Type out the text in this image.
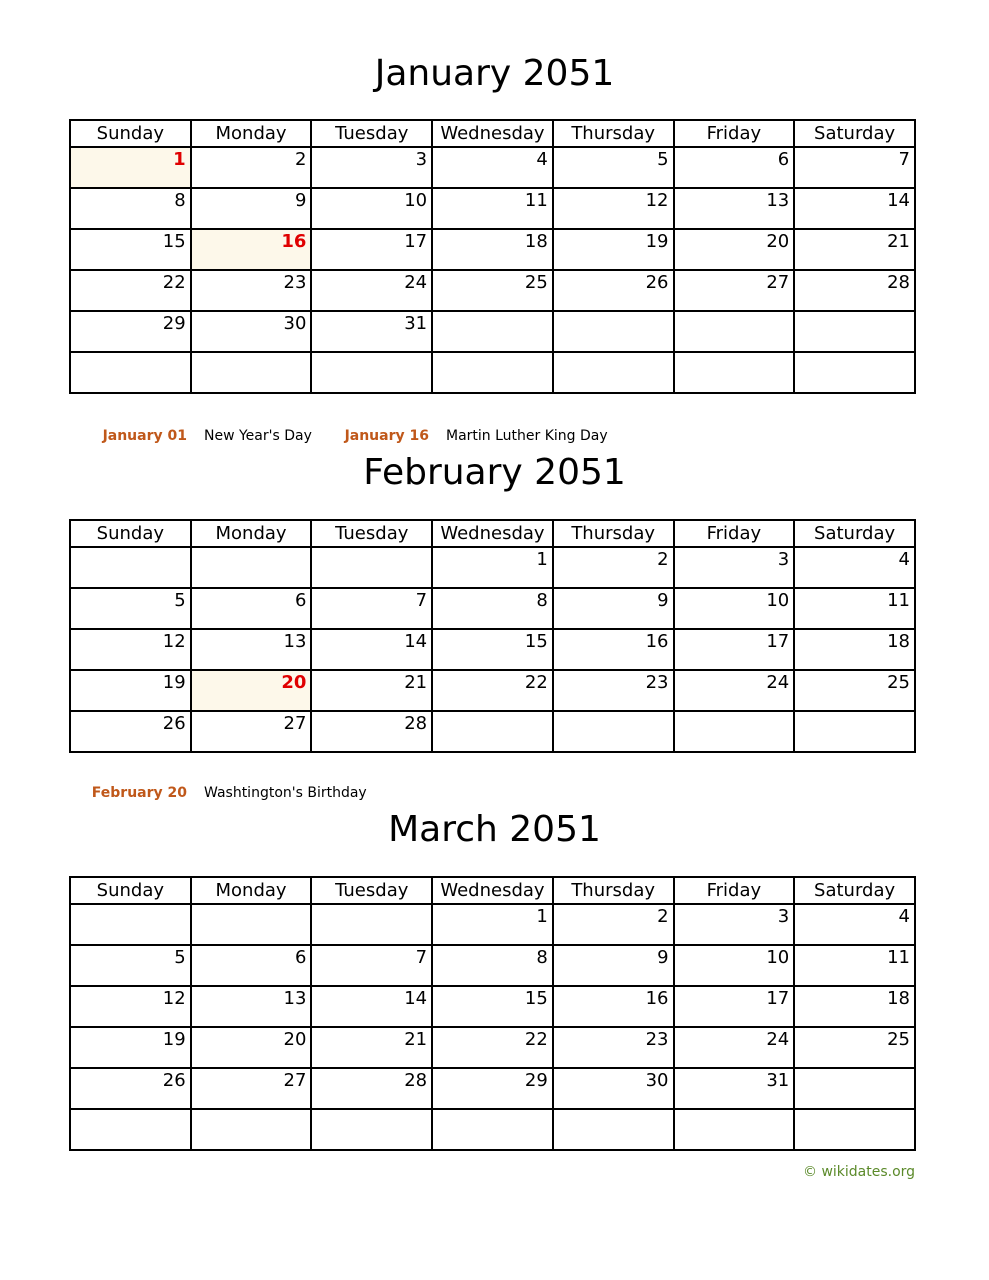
January 2051
Sunday	Monday	Tuesday	Wednesday	Thursday	Friday	Saturday

1	2	3	4	5	6	7

8	9	10	11	12	13	14

15	16	17	18	19	20	21

22	23	24	25	26	27	28

29	30	31				

January 01 New Year's Day	January 16 Martin Luther King Day
February 2051
Sunday	Monday	Tuesday	Wednesday	Thursday	Friday	Saturday

			1	2	3	4

5	6	7	8	9	10	11

12	13	14	15	16	17	18

19	20	21	22	23	24	25

26	27	28				

February 20 Washtington's Birthday
March 2051
Sunday	Monday	Tuesday	Wednesday	Thursday	Friday	Saturday

			1	2	3	4

5	6	7	8	9	10	11

12	13	14	15	16	17	18

19	20	21	22	23	24	25

26	27	28	29	30	31	

© wikidates.org
